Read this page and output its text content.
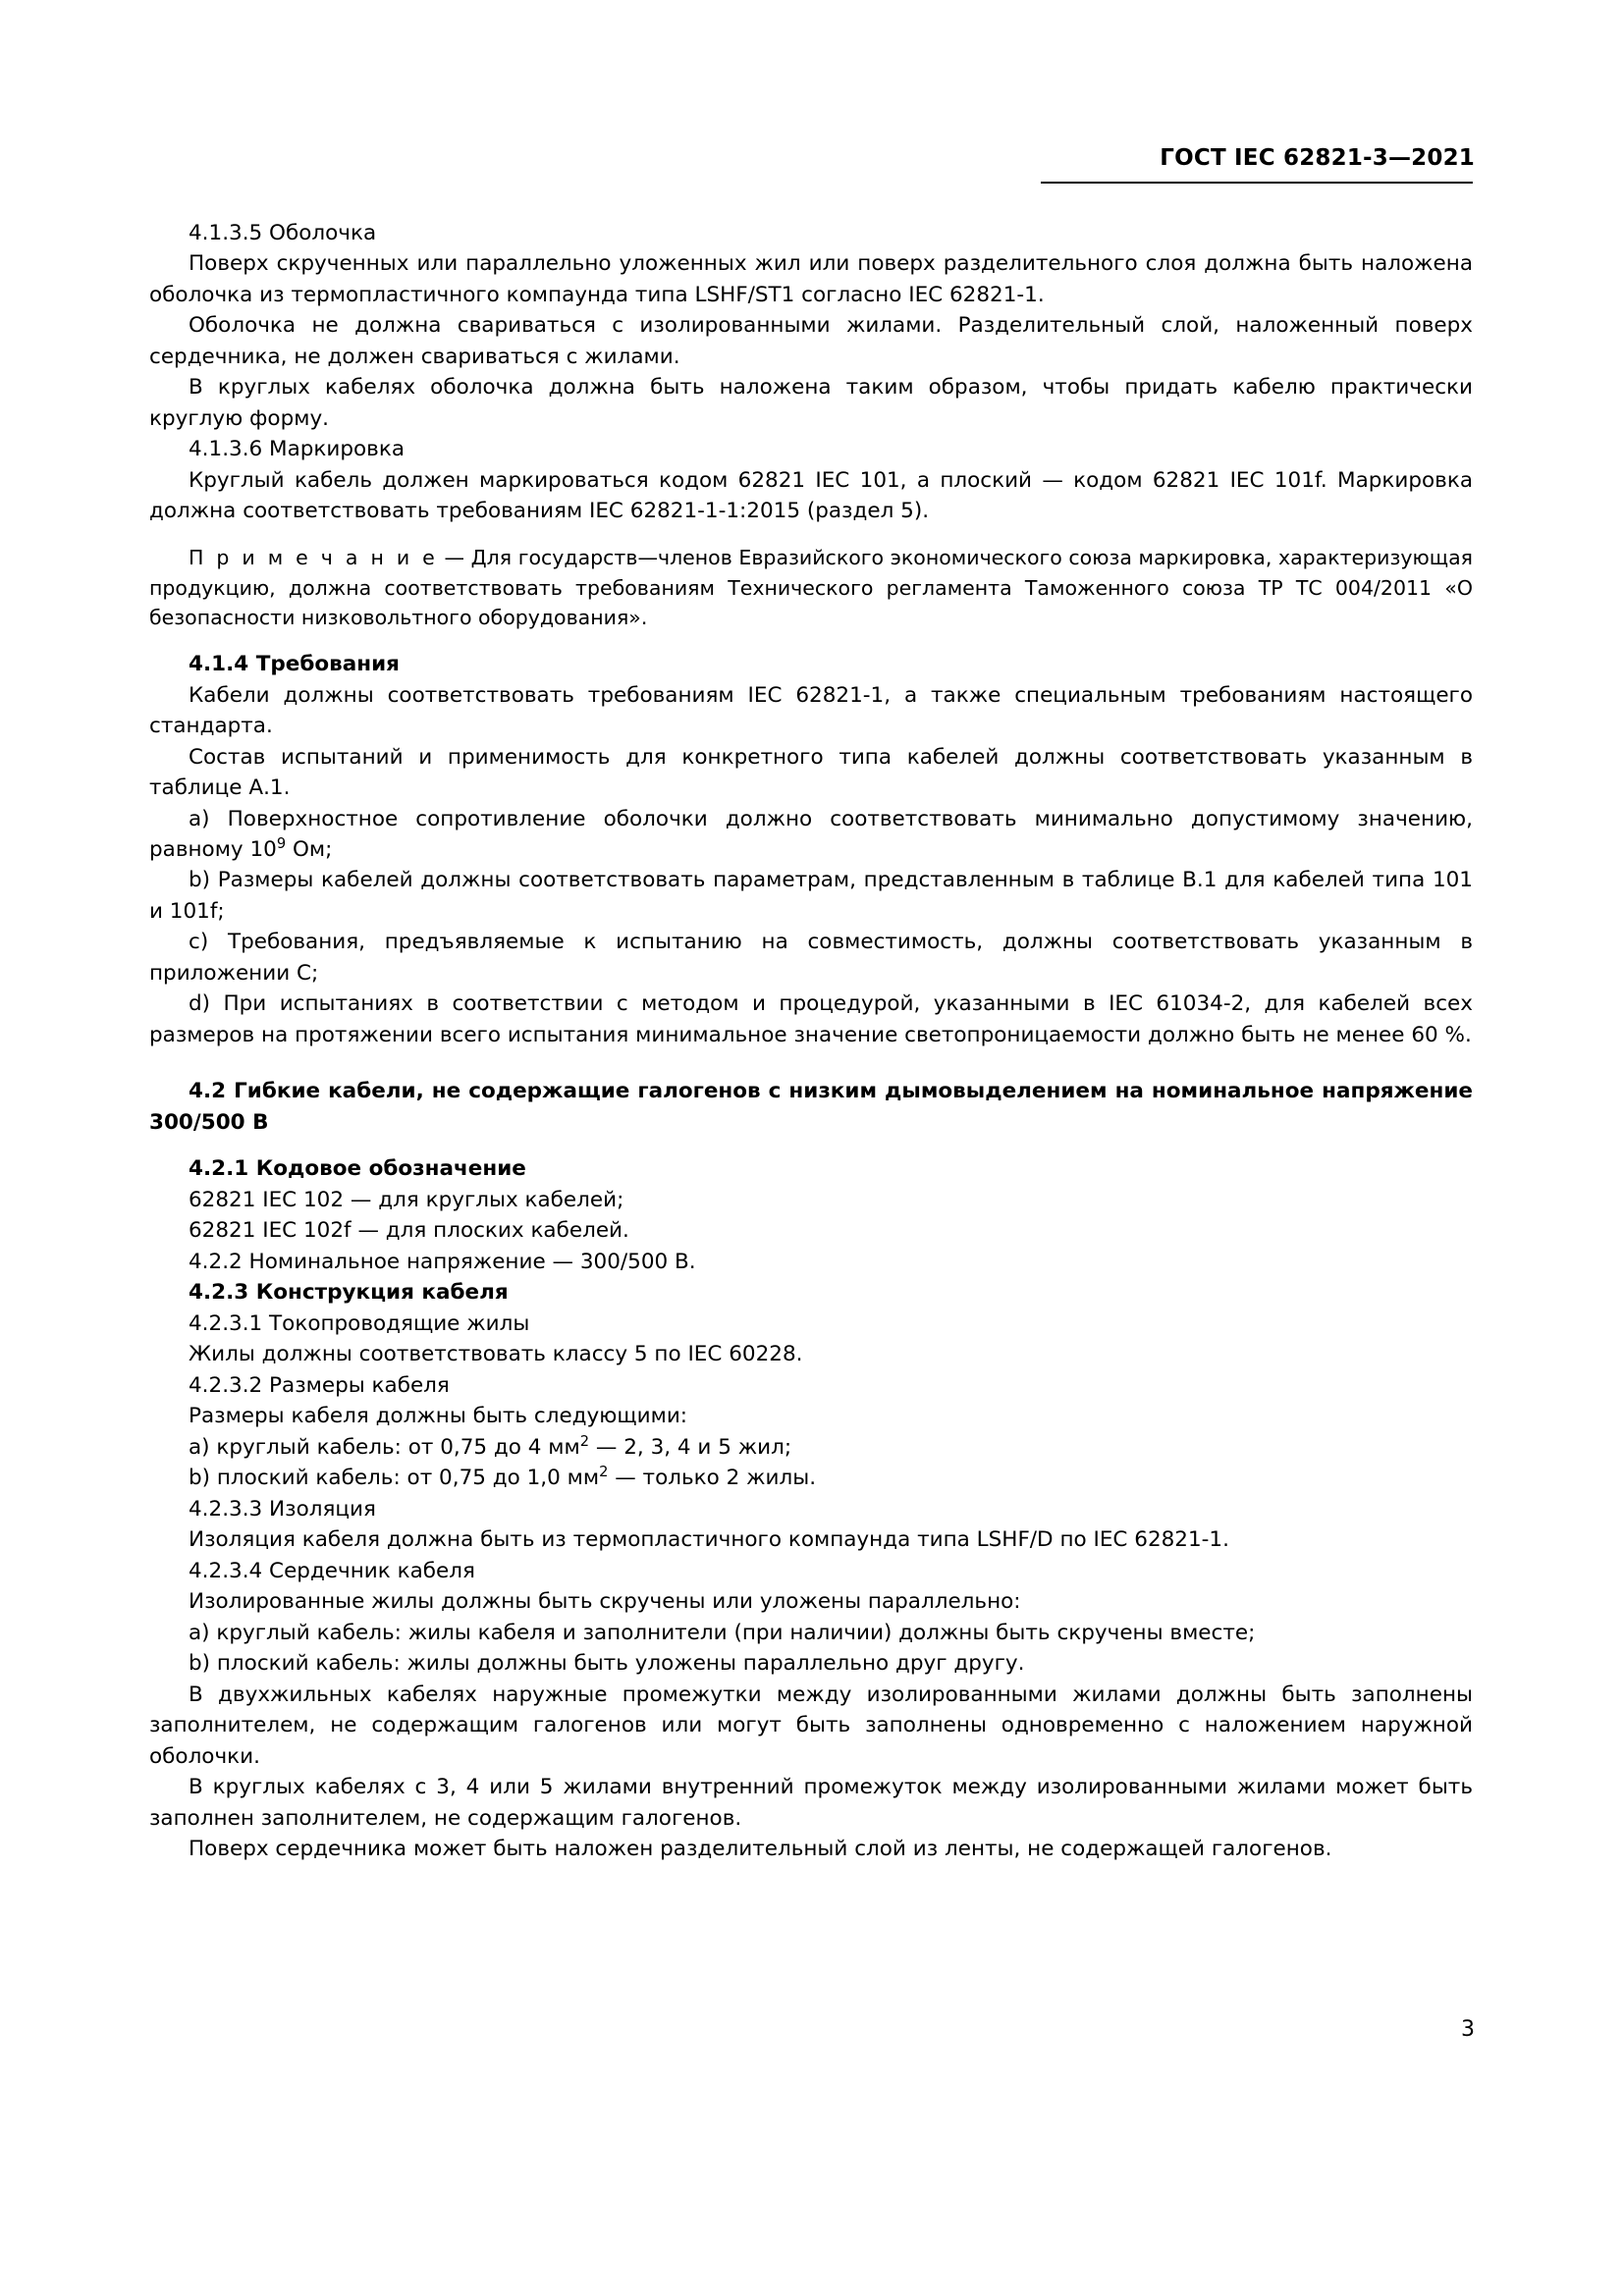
ГОСТ IEC 62821-3—2021

4.1.3.5 Оболочка

Поверх скрученных или параллельно уложенных жил или поверх разделительного слоя должна быть наложена оболочка из термопластичного компаунда типа LSHF/ST1 согласно IEC 62821-1.

Оболочка не должна свариваться с изолированными жилами. Разделительный слой, наложенный поверх сердечника, не должен свариваться с жилами.

В круглых кабелях оболочка должна быть наложена таким образом, чтобы придать кабелю практически круглую форму.

4.1.3.6 Маркировка

Круглый кабель должен маркироваться кодом 62821 IEC 101, а плоский — кодом 62821 IEC 101f. Маркировка должна соответствовать требованиям IEC 62821-1-1:2015 (раздел 5).

П р и м е ч а н и е — Для государств—членов Евразийского экономического союза маркировка, характеризующая продукцию, должна соответствовать требованиям Технического регламента Таможенного союза ТР ТС 004/2011 «О безопасности низковольтного оборудования».

4.1.4 Требования

Кабели должны соответствовать требованиям IEC 62821-1, а также специальным требованиям настоящего стандарта.

Состав испытаний и применимость для конкретного типа кабелей должны соответствовать указанным в таблице А.1.

a) Поверхностное сопротивление оболочки должно соответствовать минимально допустимому значению, равному $10^9$ Ом;

b) Размеры кабелей должны соответствовать параметрам, представленным в таблице В.1 для кабелей типа 101 и 101f;

c) Требования, предъявляемые к испытанию на совместимость, должны соответствовать указанным в приложении С;

d) При испытаниях в соответствии с методом и процедурой, указанными в IEC 61034-2, для кабелей всех размеров на протяжении всего испытания минимальное значение светопроницаемости должно быть не менее 60 %.

4.2 Гибкие кабели, не содержащие галогенов с низким дымовыделением на номинальное напряжение 300/500 В

4.2.1 Кодовое обозначение

62821 IEC 102 — для круглых кабелей;

62821 IEC 102f — для плоских кабелей.

4.2.2 Номинальное напряжение — 300/500 В.

4.2.3 Конструкция кабеля

4.2.3.1 Токопроводящие жилы

Жилы должны соответствовать классу 5 по IEC 60228.

4.2.3.2 Размеры кабеля

Размеры кабеля должны быть следующими:

a) круглый кабель: от 0,75 до 4 $мм^2$ — 2, 3, 4 и 5 жил;

b) плоский кабель: от 0,75 до 1,0 $мм^2$ — только 2 жилы.

4.2.3.3 Изоляция

Изоляция кабеля должна быть из термопластичного компаунда типа LSHF/D по IEC 62821-1.

4.2.3.4 Сердечник кабеля

Изолированные жилы должны быть скручены или уложены параллельно:

a) круглый кабель: жилы кабеля и заполнители (при наличии) должны быть скручены вместе;

b) плоский кабель: жилы должны быть уложены параллельно друг другу.

В двухжильных кабелях наружные промежутки между изолированными жилами должны быть заполнены заполнителем, не содержащим галогенов или могут быть заполнены одновременно с наложением наружной оболочки.

В круглых кабелях с 3, 4 или 5 жилами внутренний промежуток между изолированными жилами может быть заполнен заполнителем, не содержащим галогенов.

Поверх сердечника может быть наложен разделительный слой из ленты, не содержащей галогенов.

3
